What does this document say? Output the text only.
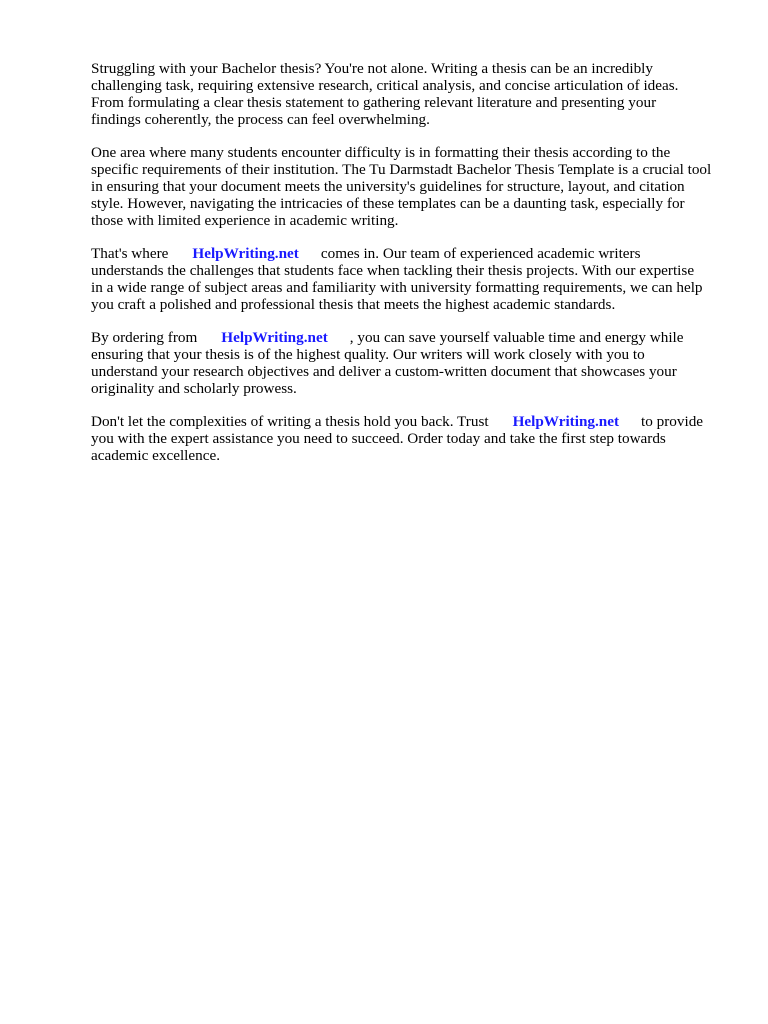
Struggling with your Bachelor thesis? You're not alone. Writing a thesis can be an incredibly
challenging task, requiring extensive research, critical analysis, and concise articulation of ideas.
From formulating a clear thesis statement to gathering relevant literature and presenting your
findings coherently, the process can feel overwhelming.

One area where many students encounter difficulty is in formatting their thesis according to the
specific requirements of their institution. The Tu Darmstadt Bachelor Thesis Template is a crucial tool
in ensuring that your document meets the university's guidelines for structure, layout, and citation
style. However, navigating the intricacies of these templates can be a daunting task, especially for
those with limited experience in academic writing.

That's where HelpWriting.net comes in. Our team of experienced academic writers
understands the challenges that students face when tackling their thesis projects. With our expertise
in a wide range of subject areas and familiarity with university formatting requirements, we can help
you craft a polished and professional thesis that meets the highest academic standards.

By ordering from HelpWriting.net , you can save yourself valuable time and energy while
ensuring that your thesis is of the highest quality. Our writers will work closely with you to
understand your research objectives and deliver a custom-written document that showcases your
originality and scholarly prowess.

Don't let the complexities of writing a thesis hold you back. Trust HelpWriting.net to provide
you with the expert assistance you need to succeed. Order today and take the first step towards
academic excellence.
